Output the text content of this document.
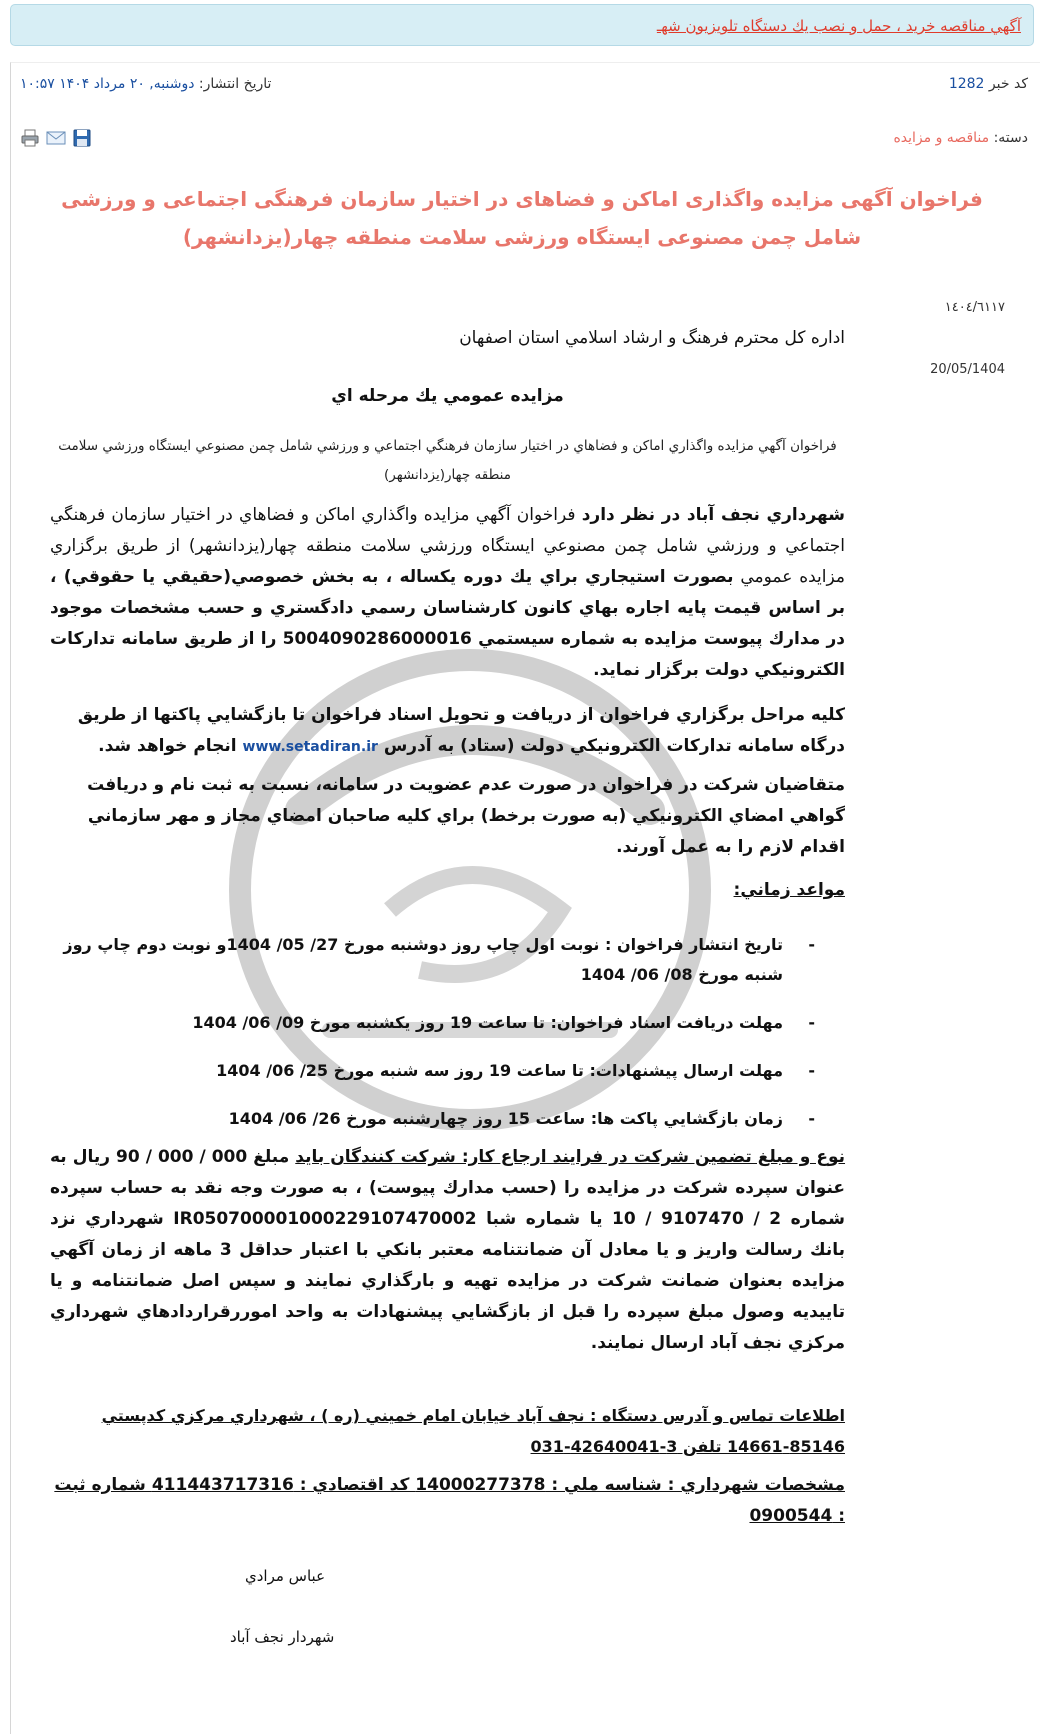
آگهي مناقصه خريد ، حمل و نصب يك دستگاه تلويزيون شهـ
کد خبر 1282
تاریخ انتشار: دوشنبه, ۲۰ مرداد ۱۴۰۴ ۱۰:۵۷
دسته: مناقصه و مزایده
فراخوان آگهی مزایده واگذاری اماکن و فضاهای در اختیار سازمان فرهنگی اجتماعی و ورزشی شامل چمن مصنوعی ایستگاه ورزشی سلامت منطقه چهار(یزدانشهر)
١٤٠٤/٦١١٧
اداره كل محترم فرهنگ و ارشاد اسلامي استان اصفهان
20/05/1404
مزايده عمومي يك مرحله اي
فراخوان آگهي مزايده واگذاري اماكن و فضاهاي در اختيار سازمان فرهنگي اجتماعي و ورزشي شامل چمن مصنوعي ايستگاه ورزشي سلامت منطقه چهار(يزدانشهر)
شهرداري نجف آباد در نظر دارد فراخوان آگهي مزايده واگذاري اماكن و فضاهاي در اختيار سازمان فرهنگي اجتماعي و ورزشي شامل چمن مصنوعي ايستگاه ورزشي سلامت منطقه چهار(يزدانشهر) از طريق برگزاري مزايده عمومي بصورت استيجاري براي يك دوره يكساله ، به بخش خصوصي(حقيقي يا حقوقي) ، بر اساس قيمت پايه اجاره بهاي كانون كارشناسان رسمي دادگستري و حسب مشخصات موجود در مدارك پيوست مزايده به شماره سيستمي 5004090286000016 را از طريق سامانه تداركات الكترونيكي دولت برگزار نمايد.
كليه مراحل برگزاري فراخوان از دريافت و تحويل اسناد فراخوان تا بازگشايي پاكتها از طريق درگاه سامانه تداركات الكترونيكي دولت (ستاد) به آدرس www.setadiran.ir انجام خواهد شد.
متقاضيان شركت در فراخوان در صورت عدم عضويت در سامانه، نسبت به ثبت نام و دريافت گواهي امضاي الكترونيكي (به صورت برخط) براي كليه صاحبان امضاي مجاز و مهر سازماني اقدام لازم را به عمل آورند.
مواعد زماني:
- تاريخ انتشار فراخوان : نوبت اول چاپ روز دوشنبه مورخ 27/ 05/ 1404و نوبت دوم چاپ روز شنبه مورخ 08/ 06/ 1404
- مهلت دريافت اسناد فراخوان: تا ساعت 19 روز يكشنبه مورخ 09/ 06/ 1404
- مهلت ارسال پيشنهادات: تا ساعت 19 روز سه شنبه مورخ 25/ 06/ 1404
- زمان بازگشايي پاكت ها: ساعت 15 روز چهارشنبه مورخ 26/ 06/ 1404
نوع و مبلغ تضمين شركت در فرايند ارجاع كار: شركت كنندگان بايد مبلغ 000 / 000 / 90 ريال به عنوان سپرده شركت در مزايده را (حسب مدارك پيوست) ، به صورت وجه نقد به حساب سپرده شماره 2 / 9107470 / 10 يا شماره شبا IR050700001000229107470002 شهرداري نزد بانك رسالت واريز و يا معادل آن ضمانتنامه معتبر بانكي با اعتبار حداقل 3 ماهه از زمان آگهي مزايده بعنوان ضمانت شركت در مزايده تهيه و بارگذاري نمايند و سپس اصل ضمانتنامه و يا تاييديه وصول مبلغ سپرده را قبل از بازگشايي پيشنهادات به واحد اموررقراردادهاي شهرداري مركزي نجف آباد ارسال نمايند.
اطلاعات تماس و آدرس دستگاه : نجف آباد خيابان امام خميني (ره ) ، شهرداري مركزي كدپستي 85146-14661 تلفن 3-42640041-031
مشخصات شهرداري : شناسه ملي : 14000277378 كد اقتصادي : 411443717316 شماره ثبت : 0900544
عباس مرادي
شهردار نجف آباد
